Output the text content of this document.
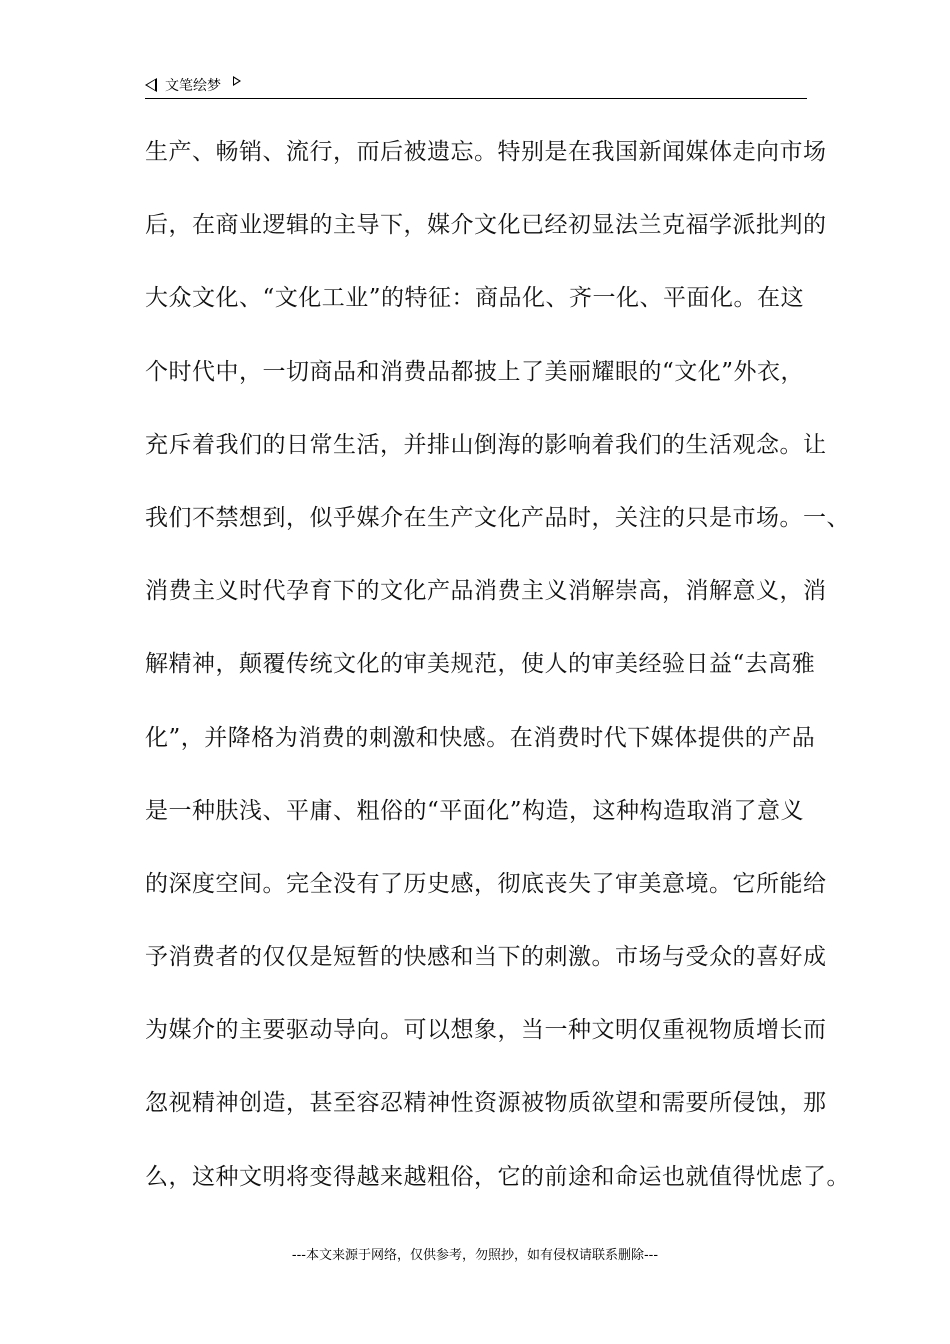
文笔绘梦
生产、畅销、流行，而后被遗忘。特别是在我国新闻媒体走向市场
后，在商业逻辑的主导下，媒介文化已经初显法兰克福学派批判的
大众文化、“文化工业”的特征：商品化、齐一化、平面化。在这
个时代中，一切商品和消费品都披上了美丽耀眼的“文化”外衣，
充斥着我们的日常生活，并排山倒海的影响着我们的生活观念。让
我们不禁想到，似乎媒介在生产文化产品时，关注的只是市场。一、
消费主义时代孕育下的文化产品消费主义消解崇高，消解意义，消
解精神，颠覆传统文化的审美规范，使人的审美经验日益“去高雅
化”，并降格为消费的刺激和快感。在消费时代下媒体提供的产品
是一种肤浅、平庸、粗俗的“平面化”构造，这种构造取消了意义
的深度空间。完全没有了历史感，彻底丧失了审美意境。它所能给
予消费者的仅仅是短暂的快感和当下的刺激。市场与受众的喜好成
为媒介的主要驱动导向。可以想象，当一种文明仅重视物质增长而
忽视精神创造，甚至容忍精神性资源被物质欲望和需要所侵蚀，那
么，这种文明将变得越来越粗俗，它的前途和命运也就值得忧虑了。
---本文来源于网络，仅供参考，勿照抄，如有侵权请联系删除---
